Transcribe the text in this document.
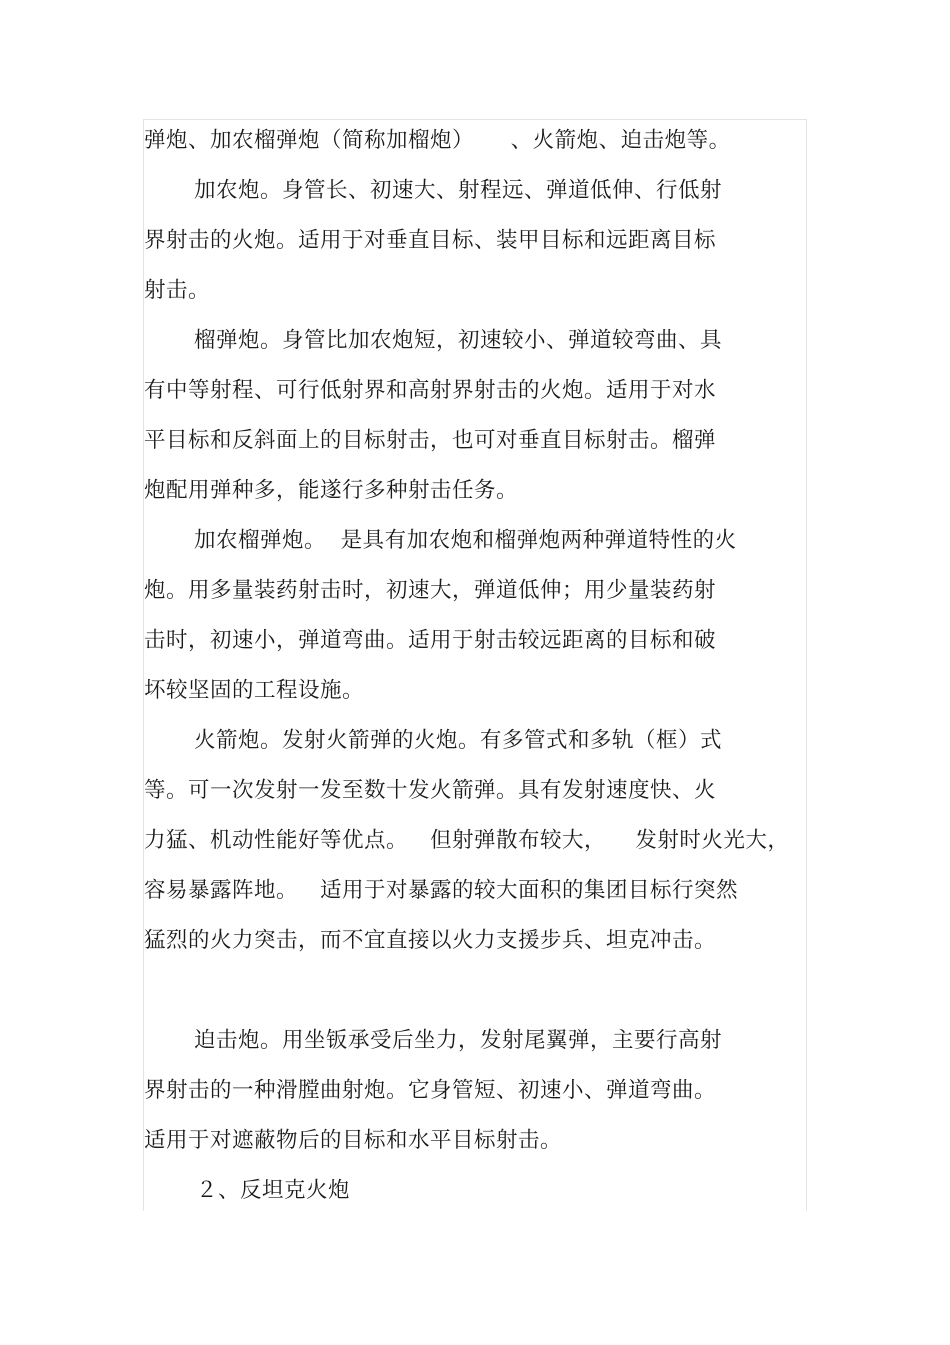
弹炮、加农榴弹炮（简称加榴炮）     、火箭炮、迫击炮等。
加农炮。身管长、初速大、射程远、弹道低伸、行低射
界射击的火炮。适用于对垂直目标、装甲目标和远距离目标
射击。
榴弹炮。身管比加农炮短，初速较小、弹道较弯曲、具
有中等射程、可行低射界和高射界射击的火炮。适用于对水
平目标和反斜面上的目标射击，也可对垂直目标射击。榴弹
炮配用弹种多，能遂行多种射击任务。
加农榴弹炮。  是具有加农炮和榴弹炮两种弹道特性的火
炮。用多量装药射击时，初速大，弹道低伸；用少量装药射
击时，初速小，弹道弯曲。适用于射击较远距离的目标和破
坏较坚固的工程设施。
火箭炮。发射火箭弹的火炮。有多管式和多轨（框）式
等。可一次发射一发至数十发火箭弹。具有发射速度快、火
力猛、机动性能好等优点。   但射弹散布较大，    发射时火光大，
容易暴露阵地。   适用于对暴露的较大面积的集团目标行突然
猛烈的火力突击，而不宜直接以火力支援步兵、坦克冲击。
迫击炮。用坐钣承受后坐力，发射尾翼弹，主要行高射
界射击的一种滑膛曲射炮。它身管短、初速小、弹道弯曲。
适用于对遮蔽物后的目标和水平目标射击。
２、反坦克火炮
